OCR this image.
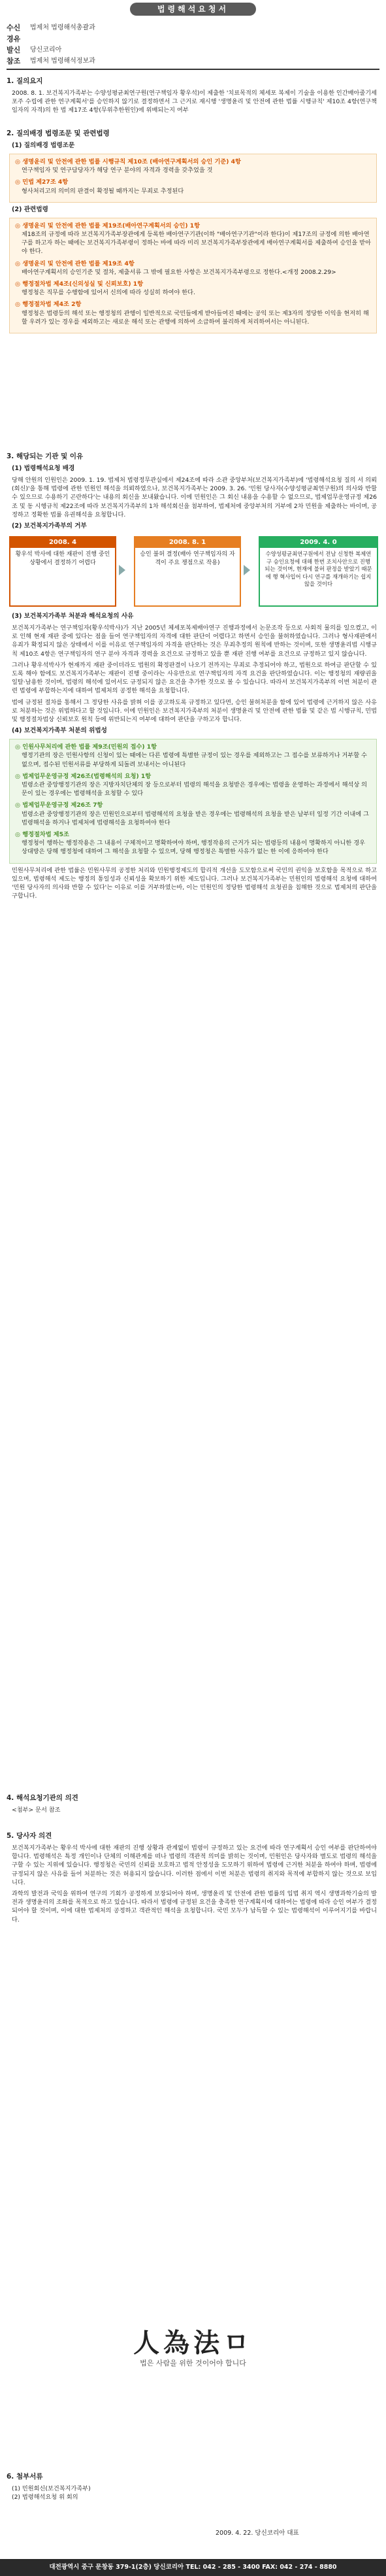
법령해석요청서
수신	법제처 법령해석총괄과
경유
발신	당신코리아
참조	법제처 법령해석정보과
1. 질의요지

2008. 8. 1. 보건복지가족부는 수양성평균최연구원(연구책임자 황우석)이 제출한 '치료목적의 체세포 복제이 기술을 이용한 인간배아줄기세포주 수립에 관한 연구계획서'를 승인하지 않기로 결정하면서 그 근거로 재시행 '생명윤리 및 안전에 관한 법률 시행규칙' 제10조 4항(연구책임자의 자격)의 한 법 제17조 4항(무위추한원인)에 위배되는지 여부

2. 질의배경 법령조문 및 관련법령
(1) 질의배경 법령조문
◎ 생명윤리 및 안전에 관한 법률 시행규칙 제10조 (배아연구계획서의 승인 기준) 4항
연구책임자 및 연구담당자가 해당 연구 분야의 자격과 경력을 갖추었을 것
◎ 민법 제27조 4항
형사처리고의 의미의 판결이 확정될 때까지는 무죄로 추정된다
(2) 관련법령
◎ 생명윤리 및 안전에 관한 법률 제19조(배아연구계획서의 승인) 1항
제18조의 규정에 따라 보건복지가족부장관에게 등록한 배아연구기관(이하 "배아연구기관"이라 한다)이 제17조의 규정에 의한 배아연구를 하고자 하는 때에는 보건복지가족부령이 정하는 바에 따라 미리 보건복지가족부장관에게 배아연구계획서를 제출하여 승인을 받아야 한다.
◎ 생명윤리 및 안전에 관한 법률 제19조 4항
배아연구계획서의 승인기준 및 절차, 제출서류 그 밖에 필요한 사항은 보건복지가족부령으로 정한다.<개정 2008.2.29>
◎ 행정절차법 제4조(신의성실 및 신뢰보호) 1항
행정청은 직무를 수행함에 있어서 신의에 따라 성실히 하여야 한다.
◎ 행정절차법 제4조 2항
행정청은 법령등의 해석 또는 행정청의 관행이 일반적으로 국민들에게 받아들여진 때에는 공익 또는 제3자의 정당한 이익을 현저히 해할 우려가 있는 경우를 제외하고는 새로운 해석 또는 관행에 의하여 소급하여 불리하게 처리하여서는 아니된다.
3. 해당되는 기관 및 이유
(1) 법령해석요청 배경

당해 안원의 인원인은 2009. 1. 19. 법제처 법령정무관실에서 제24조에 따라 소관 중앙부처(보건복지가족부)에 '법령해석요청 질의 서 의뢰(회신)'을 통해 법령에 관한 민원인 해석을 의뢰하였으나, 보건복지가족부는 2009. 3. 26. '민원 당사자(수양성평균최연구원)의 의사와 반할 수 있으므로 수용하기 곤란하다'는 내용의 회신을 보내왔습니다. 이에 민원인은 그 회신 내용을 수용할 수 없으므로, 법제업무운영규정 제26조 및 동 시행규칙 제22조에 따라 보건복지가족부의 1차 해석회신을 첨부하여, 법제처에 중앙부처의 거부에 2차 민원을 제출하는 바이며, 공정하고 정확한 법률 유권해석을 요청합니다.

(2) 보건복지가족부의 거부
2008. 4
황우석 박사에 대한 재판이 진행 중인 상황에서 결정하기 어렵다
2008. 8. 1
승인 불허 결정(배아 연구책임자의 자격이 주요 쟁점으로 작용)
2009. 4. 0
수양성평균최연구원에서 전남 신청한 복제연구 승인요청에 대해 한번 조치사안으로 진행되는 것이며, 현재에 불허 판정을 받았기 때문에 행 혁사입어 다시 연구를 재개하기는 쉽지 않을 것이다
(3) 보건복지가족부 처분과 해석요청의 사유

보건복지가족부는 연구책임자(황우석박사)가 지난 2005년 체세포복제배아연구 진행과정에서 논문조작 등으로 사회적 물의를 일으켰고, 이로 인해 현재 재판 중에 있다는 점을 들어 연구책임자의 자격에 대한 판단이 어렵다고 하면서 승인을 불허하였습니다. 그러나 형사재판에서 유죄가 확정되지 않은 상태에서 이를 이유로 연구책임자의 자격을 판단하는 것은 무죄추정의 원칙에 반하는 것이며, 또한 생명윤리법 시행규칙 제10조 4항은 연구책임자의 연구 분야 자격과 경력을 요건으로 규정하고 있을 뿐 재판 진행 여부를 요건으로 규정하고 있지 않습니다.

그러나 황우석박사가 현재까지 재판 중이더라도 법원의 확정판결이 나오기 전까지는 무죄로 추정되어야 하고, 법원으로 하여금 판단할 수 있도록 해야 함에도 보건복지가족부는 재판이 진행 중이라는 사유만으로 연구책임자의 자격 요건을 판단하였습니다. 이는 행정청의 재량권을 일탈·남용한 것이며, 법령의 해석에 있어서도 규정되지 않은 요건을 추가한 것으로 볼 수 있습니다. 따라서 보건복지가족부의 이번 처분이 관련 법령에 부합하는지에 대하여 법제처의 공정한 해석을 요청합니다.

법에 규정된 절차를 통해서 그 정당한 사유를 밝혀 이를 공고하도록 규정하고 있다면, 승인 불허처분을 함에 있어 법령에 근거하지 않은 사유로 처분하는 것은 위법하다고 할 것입니다. 이에 민원인은 보건복지가족부의 처분이 생명윤리 및 안전에 관한 법률 및 같은 법 시행규칙, 민법 및 행정절차법상 신뢰보호 원칙 등에 위반되는지 여부에 대하여 판단을 구하고자 합니다.

(4) 보건복지가족부 처분의 위법성
◎ 인원사무처리에 관한 법률 제9조(민원의 접수) 1항
행정기관의 장은 민원사항의 신청이 있는 때에는 다른 법령에 특별한 규정이 있는 경우를 제외하고는 그 접수를 보류하거나 거부할 수 없으며, 접수된 민원서류를 부당하게 되돌려 보내서는 아니된다
◎ 법제업무운영규정 제26조(법령해석의 요청) 1항
법령소관 중앙행정기관의 장은 지방자치단체의 장 등으로부터 법령의 해석을 요청받은 경우에는 법령을 운영하는 과정에서 해석상 의문이 있는 경우에는 법령해석을 요청할 수 있다
◎ 법제업무운영규정 제26조 7항
법령소관 중앙행정기관의 장은 민원인으로부터 법령해석의 요청을 받은 경우에는 법령해석의 요청을 받은 날부터 일정 기간 이내에 그 법령해석을 하거나 법제처에 법령해석을 요청하여야 한다
◎ 행정절차법 제5조
행정청이 행하는 행정작용은 그 내용이 구체적이고 명확하여야 하며, 행정작용의 근거가 되는 법령등의 내용이 명확하지 아니한 경우 상대방은 당해 행정청에 대하여 그 해석을 요청할 수 있으며, 당해 행정청은 특별한 사유가 없는 한 이에 응하여야 한다

민원사무처리에 관한 법률은 민원사무의 공정한 처리와 민원행정제도의 합리적 개선을 도모함으로써 국민의 권익을 보호함을 목적으로 하고 있으며, 법령해석 제도는 행정의 통일성과 신뢰성을 확보하기 위한 제도입니다. 그러나 보건복지가족부는 민원인의 법령해석 요청에 대하여 '민원 당사자의 의사와 반할 수 있다'는 이유로 이를 거부하였는바, 이는 민원인의 정당한 법령해석 요청권을 침해한 것으로 법제처의 판단을 구합니다.

4. 해석요청기관의 의견

<첨부> 문서 참조

5. 당사자 의견

보건복지가족부는 황우석 박사에 대한 재판의 진행 상황과 관계없이 법령이 규정하고 있는 요건에 따라 연구계획서 승인 여부를 판단하여야 합니다. 법령해석은 특정 개인이나 단체의 이해관계를 떠나 법령의 객관적 의미를 밝히는 것이며, 민원인은 당사자와 별도로 법령의 해석을 구할 수 있는 지위에 있습니다. 행정청은 국민의 신뢰를 보호하고 법적 안정성을 도모하기 위하여 법령에 근거한 처분을 하여야 하며, 법령에 규정되지 않은 사유를 들어 처분하는 것은 허용되지 않습니다. 이러한 점에서 이번 처분은 법령의 취지와 목적에 부합하지 않는 것으로 보입니다.

과학의 발전과 국익을 위하여 연구의 기회가 공정하게 보장되어야 하며, 생명윤리 및 안전에 관한 법률의 입법 취지 역시 생명과학기술의 발전과 생명윤리의 조화를 목적으로 하고 있습니다. 따라서 법령에 규정된 요건을 충족한 연구계획서에 대하여는 법령에 따라 승인 여부가 결정되어야 할 것이며, 이에 대한 법제처의 공정하고 객관적인 해석을 요청합니다. 국민 모두가 납득할 수 있는 법령해석이 이루어지기를 바랍니다.

人為法ㅁ
법은 사람을 위한 것이어야 합니다
6. 첨부서류
(1) 민원회신(보건복지가족부)
(2) 법령해석요청 위 회의
2009. 4. 22. 당신코리아 대표
대전광역시 중구 문창동 379-1(2층) 당신코리아 TEL: 042 - 285 - 3400 FAX: 042 - 274 - 8880
